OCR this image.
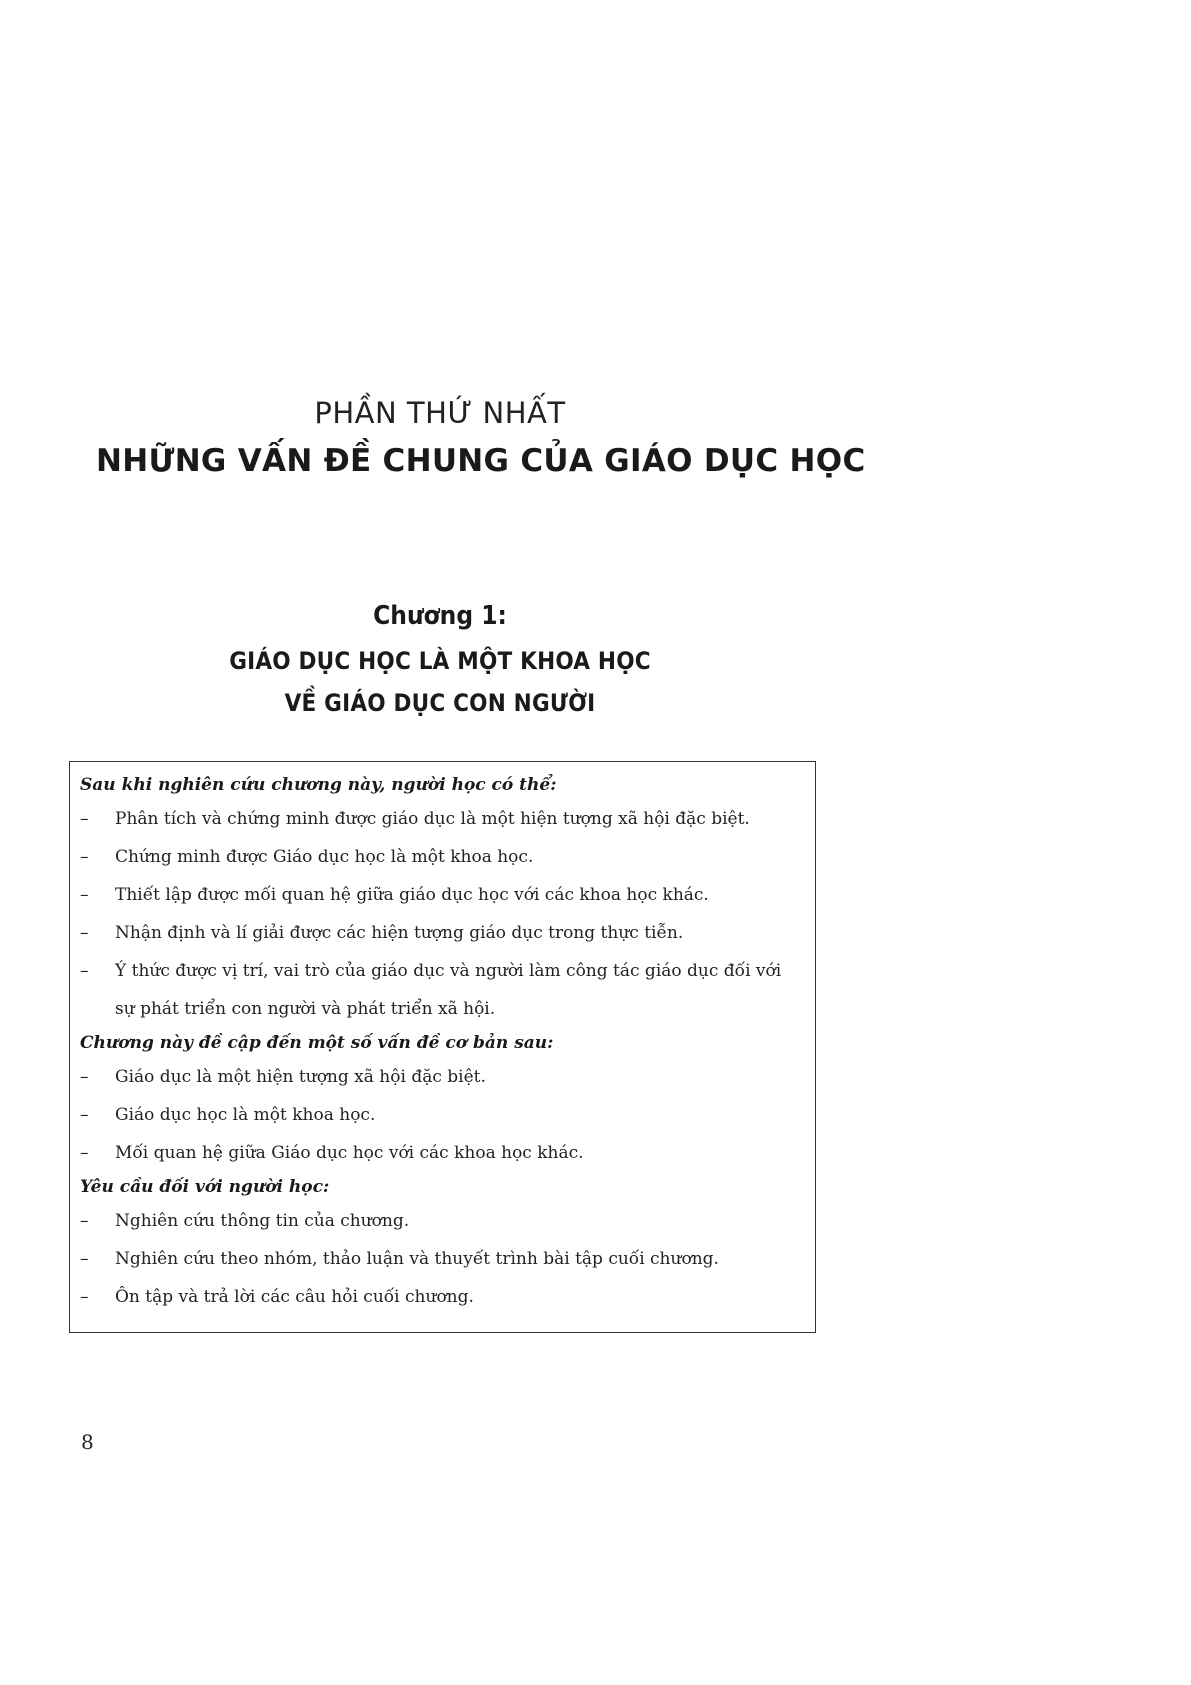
PHẦN THỨ NHẤT
NHỮNG VẤN ĐỀ CHUNG CỦA GIÁO DỤC HỌC
Chương 1:
GIÁO DỤC HỌC LÀ MỘT KHOA HỌC
VỀ GIÁO DỤC CON NGƯỜI

Sau khi nghiên cứu chương này, người học có thể:

– Phân tích và chứng minh được giáo dục là một hiện tượng xã hội đặc biệt.
– Chứng minh được Giáo dục học là một khoa học.
– Thiết lập được mối quan hệ giữa giáo dục học với các khoa học khác.
– Nhận định và lí giải được các hiện tượng giáo dục trong thực tiễn.
– Ý thức được vị trí, vai trò của giáo dục và người làm công tác giáo dục đối với sự phát triển con người và phát triển xã hội.

Chương này đề cập đến một số vấn đề cơ bản sau:

– Giáo dục là một hiện tượng xã hội đặc biệt.
– Giáo dục học là một khoa học.
– Mối quan hệ giữa Giáo dục học với các khoa học khác.

Yêu cầu đối với người học:

– Nghiên cứu thông tin của chương.
– Nghiên cứu theo nhóm, thảo luận và thuyết trình bài tập cuối chương.
– Ôn tập và trả lời các câu hỏi cuối chương.
8
